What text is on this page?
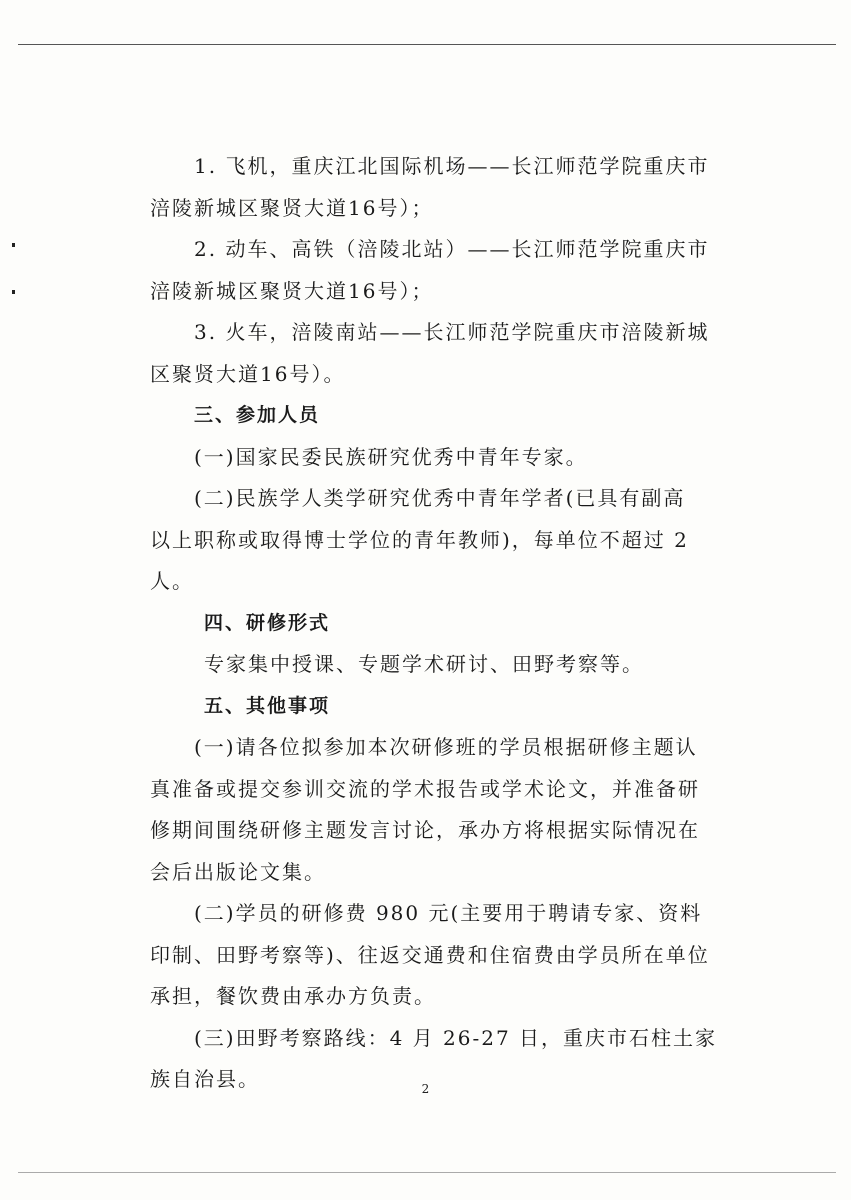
1. 飞机，重庆江北国际机场——长江师范学院重庆市
涪陵新城区聚贤大道16号）；
2. 动车、高铁（涪陵北站）——长江师范学院重庆市
涪陵新城区聚贤大道16号）；
3. 火车，涪陵南站——长江师范学院重庆市涪陵新城
区聚贤大道16号）。
三、参加人员
(一)国家民委民族研究优秀中青年专家。
(二)民族学人类学研究优秀中青年学者(已具有副高
以上职称或取得博士学位的青年教师)，每单位不超过 2
人。
四、研修形式
专家集中授课、专题学术研讨、田野考察等。
五、其他事项
(一)请各位拟参加本次研修班的学员根据研修主题认
真准备或提交参训交流的学术报告或学术论文，并准备研
修期间围绕研修主题发言讨论，承办方将根据实际情况在
会后出版论文集。
(二)学员的研修费 980 元(主要用于聘请专家、资料
印制、田野考察等)、往返交通费和住宿费由学员所在单位
承担，餐饮费由承办方负责。
(三)田野考察路线：4 月 26-27 日，重庆市石柱土家
族自治县。	2
